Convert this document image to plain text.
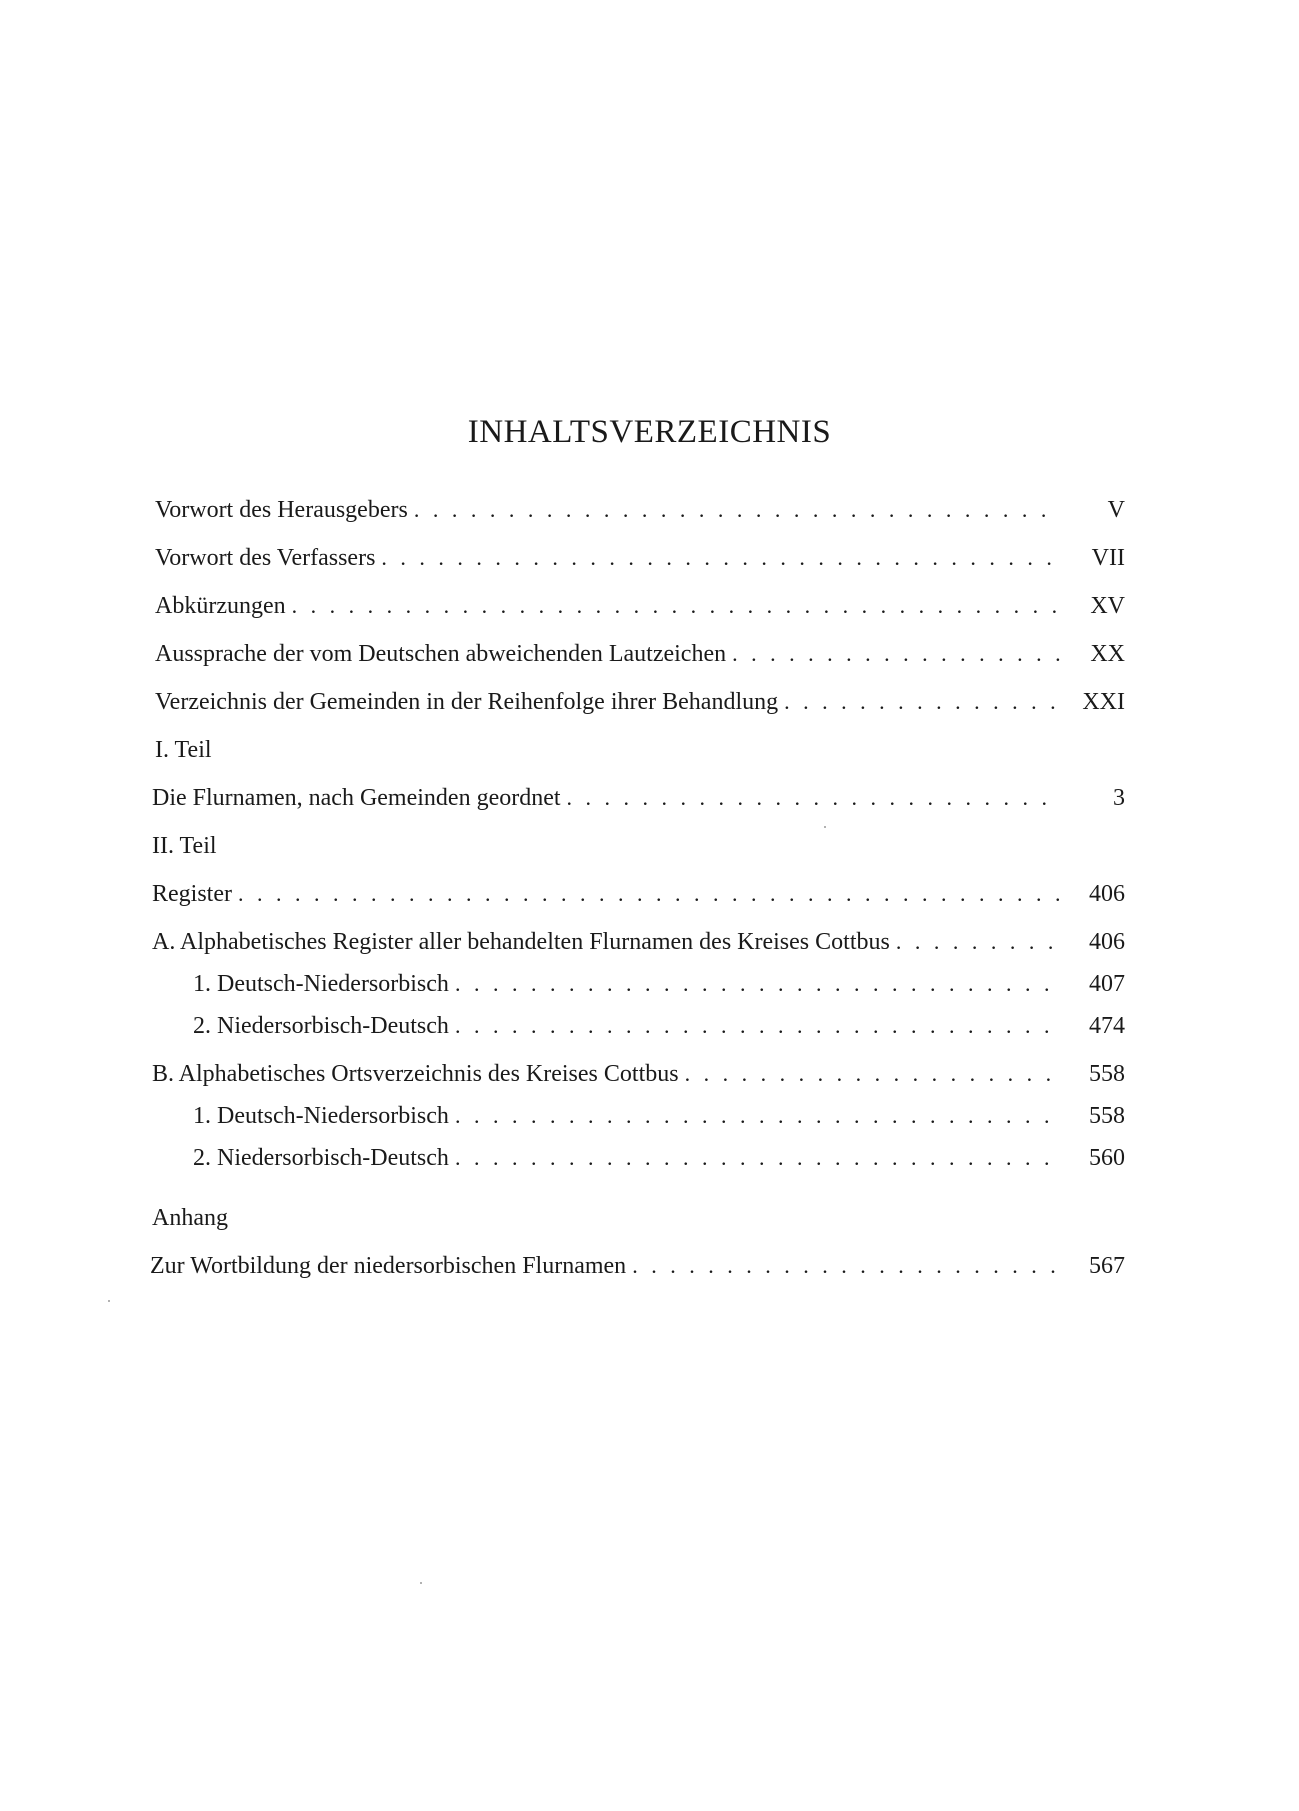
INHALTSVERZEICHNIS
Vorwort des Herausgebers . . .	V
Vorwort des Verfassers . . .	VII
Abkürzungen . . .	XV
Aussprache der vom Deutschen abweichenden Lautzeichen . . .	XX
Verzeichnis der Gemeinden in der Reihenfolge ihrer Behandlung . . .	XXI
I. Teil
Die Flurnamen, nach Gemeinden geordnet . . .	3
II. Teil
Register . . .	406
A. Alphabetisches Register aller behandelten Flurnamen des Kreises Cottbus . . .	406
1. Deutsch-Niedersorbisch . . .	407
2. Niedersorbisch-Deutsch . . .	474
B. Alphabetisches Ortsverzeichnis des Kreises Cottbus . . .	558
1. Deutsch-Niedersorbisch . . .	558
2. Niedersorbisch-Deutsch . . .	560
Anhang
Zur Wortbildung der niedersorbischen Flurnamen . . .	567
